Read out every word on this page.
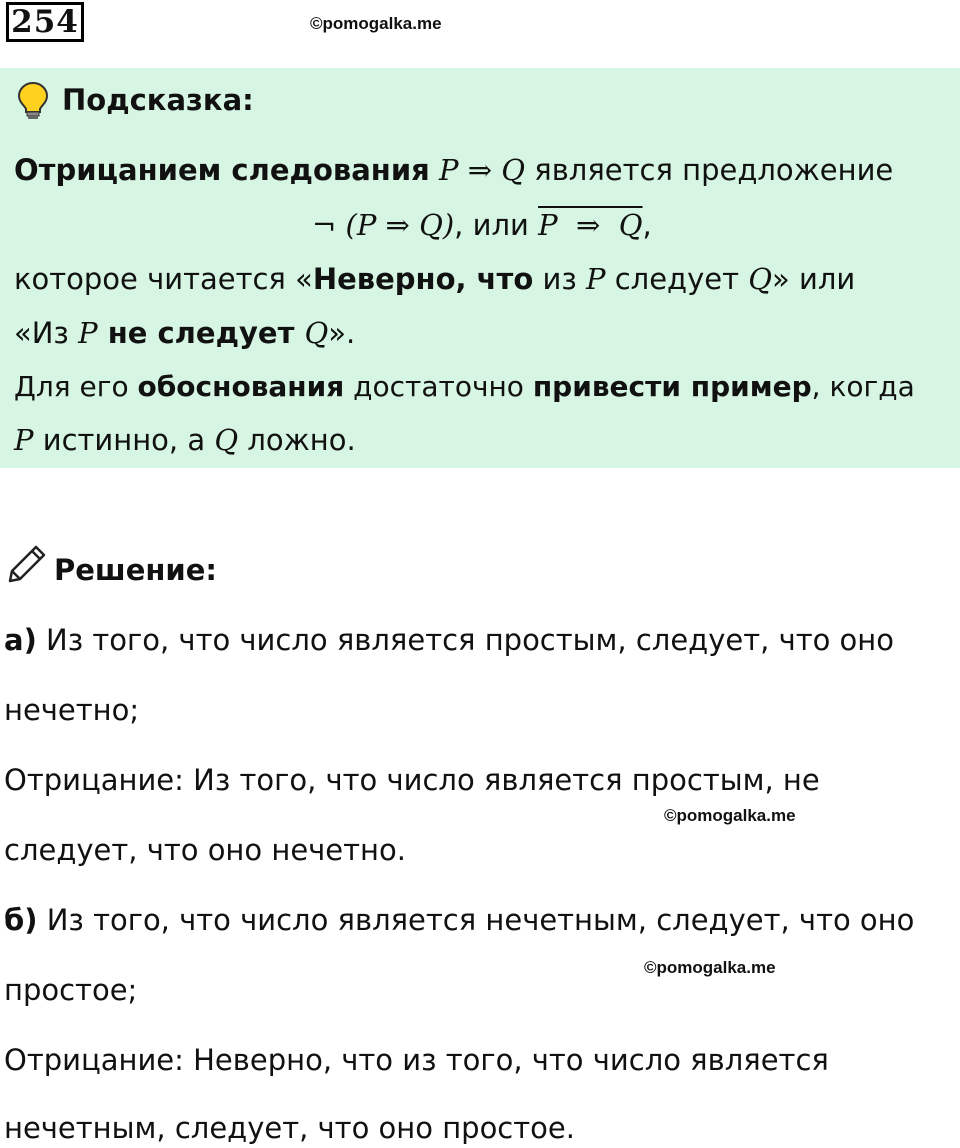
254	©pomogalka.me
Подсказка:
Отрицанием следования P ⇒ Q является предложение
¬ (P ⇒ Q), или P  ⇒  Q,
которое читается «Неверно, что из P следует Q» или
«Из P не следует Q».
Для его обоснования достаточно привести пример, когда
P истинно, а Q ложно.
Решение:
а) Из того, что число является простым, следует, что оно
нечетно;
Отрицание: Из того, что число является простым, не
©pomogalka.me
следует, что оно нечетно.
б) Из того, что число является нечетным, следует, что оно
©pomogalka.me
простое;
Отрицание: Неверно, что из того, что число является
нечетным, следует, что оно простое.
